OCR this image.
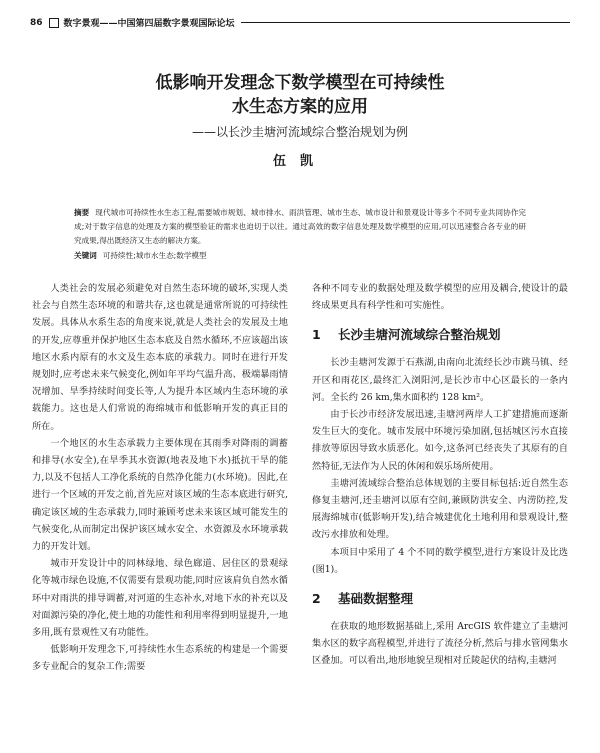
86 数字景观——中国第四届数字景观国际论坛
低影响开发理念下数学模型在可持续性
水生态方案的应用
——以长沙圭塘河流域综合整治规划为例
伍凯
摘要 现代城市可持续性水生态工程,需要城市规划、城市排水、雨洪管理、城市生态、城市设计和景观设计等多个不同专业共同协作完成;对于数字信息的处理及方案的模型验证的需求也迫切于以往。通过高效的数字信息处理及数学模型的应用,可以迅速整合各专业的研究成果,得出既经济又生态的解决方案。
关键词 可持续性;城市水生态;数学模型

人类社会的发展必须避免对自然生态环境的破坏,实现人类社会与自然生态环境的和谐共存,这也就是通常所说的可持续性发展。具体从水系生态的角度来说,就是人类社会的发展及土地的开发,应尊重并保护地区生态本底及自然水循环,不应该超出该地区水系内原有的水文及生态本底的承载力。同时在进行开发规划时,应考虑未来气候变化,例如年平均气温升高、极端暴雨情况增加、旱季持续时间变长等,人为提升本区域内生态环境的承载能力。这也是人们常说的海绵城市和低影响开发的真正目的所在。

一个地区的水生态承载力主要体现在其雨季对降雨的调蓄和排导(水安全),在旱季其水资源(地表及地下水)抵抗干旱的能力,以及不包括人工净化系统的自然净化能力(水环境)。因此,在进行一个区域的开发之前,首先应对该区域的生态本底进行研究,确定该区域的生态承载力,同时兼顾考虑未来该区域可能发生的气候变化,从而制定出保护该区域水安全、水资源及水环境承载力的开发计划。

城市开发设计中的同林绿地、绿色廊道、居住区的景观绿化等城市绿色设施,不仅需要有景观功能,同时应该肩负自然水循环中对雨洪的排导调蓄,对河道的生态补水,对地下水的补充以及对面源污染的净化,使土地的功能性和利用率得到明显提升,一地多用,既有景观性又有功能性。

低影响开发理念下,可持续性水生态系统的构建是一个需要多专业配合的复杂工作;需要

各种不同专业的数据处理及数学模型的应用及耦合,使设计的最终成果更具有科学性和可实施性。

1 长沙圭塘河流域综合整治规划

长沙圭塘河发源于石燕湖,由南向北流经长沙市跳马镇、经开区和雨花区,最终汇入浏阳河,是长沙市中心区最长的一条内河。全长约 26 km,集水面积约 128 km²。

由于长沙市经济发展迅速,圭塘河两岸人工扩建措施而逐渐发生巨大的变化。城市发展中环境污染加剧,包括城区污水直接排放等原因导致水质恶化。如今,这条河已经丧失了其原有的自然特征,无法作为人民的休闲和娱乐场所使用。

圭塘河流域综合整治总体规划的主要目标包括:近自然生态修复圭塘河,还圭塘河以原有空间,兼顾防洪安全、内涝防控,发展海绵城市(低影响开发),结合城建优化土地利用和景观设计,整改污水排放和处理。

本项目中采用了 4 个不同的数学模型,进行方案设计及比选(图1)。

2 基础数据整理

在获取的地形数据基础上,采用 ArcGIS 软件建立了圭塘河集水区的数字高程模型,并进行了流径分析,然后与排水管网集水区叠加。可以看出,地形地貌呈现相对丘陵起伏的结构,圭塘河
